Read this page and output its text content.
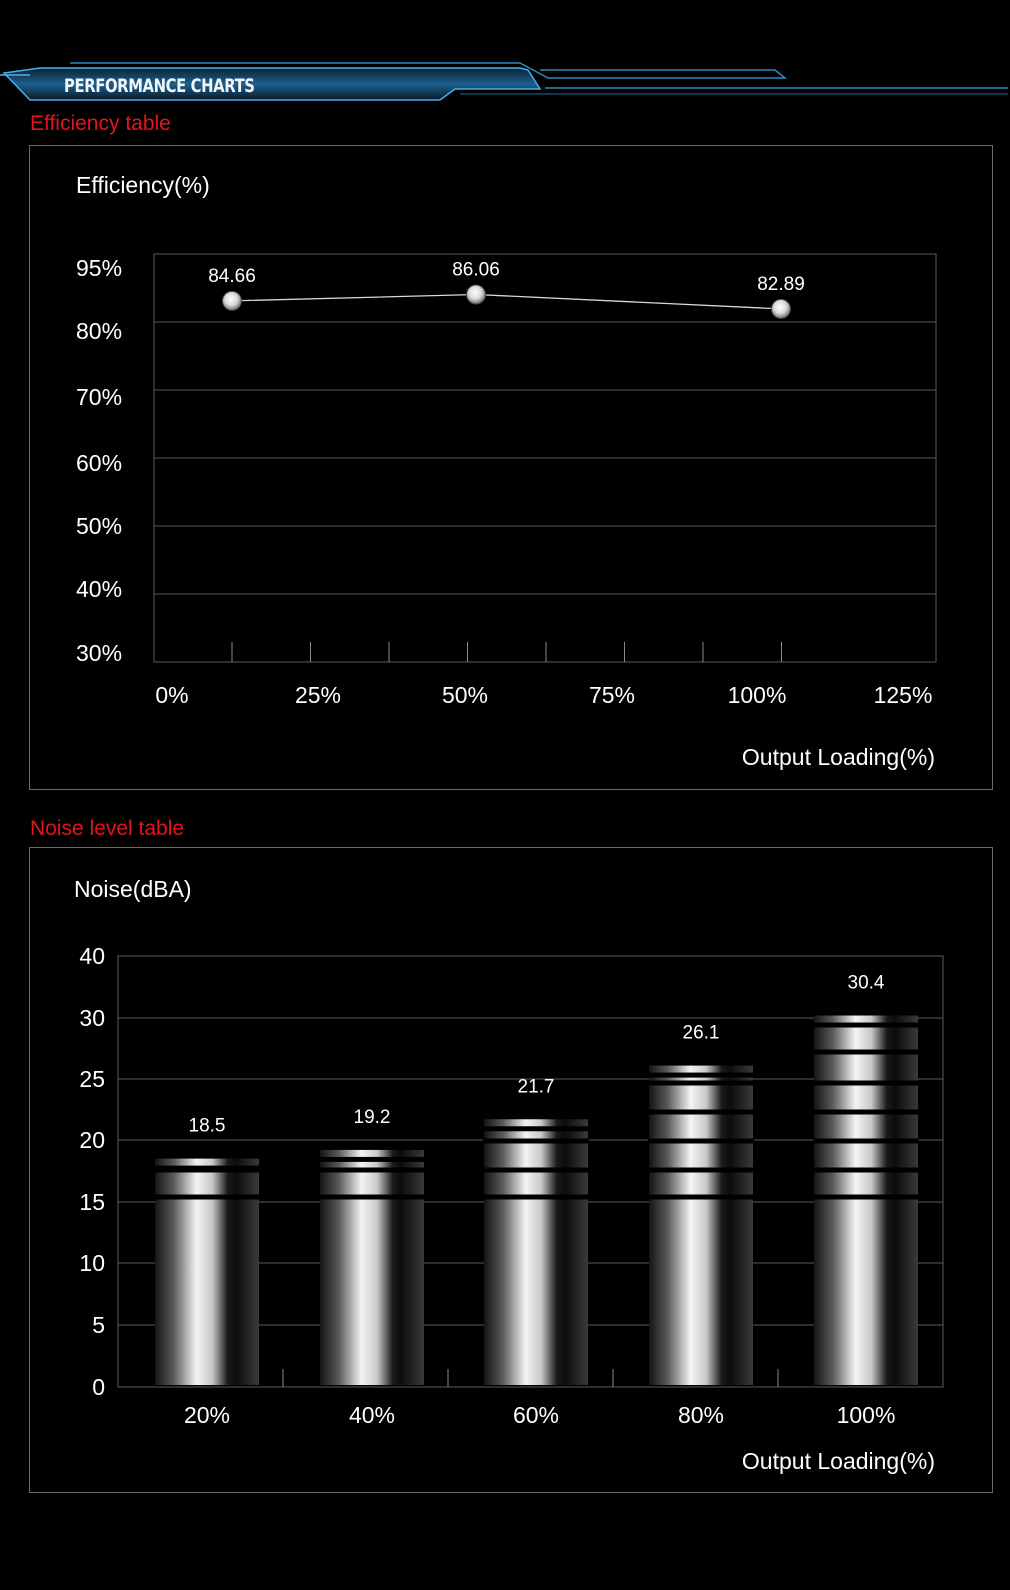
PERFORMANCE CHARTS
Efficiency table
95%
80%
70%
60%
50%
40%
30%
0%	25%	50%	75%	100%	125%
84.66	86.06
82.89
Efficiency(%)
Output Loading(%)
Noise level table
40
30
25
20
15
10
5
0
18.5
20%
19.2
40%
21.7
60%
26.1
80%
30.4
100%
Noise(dBA)
Output Loading(%)
